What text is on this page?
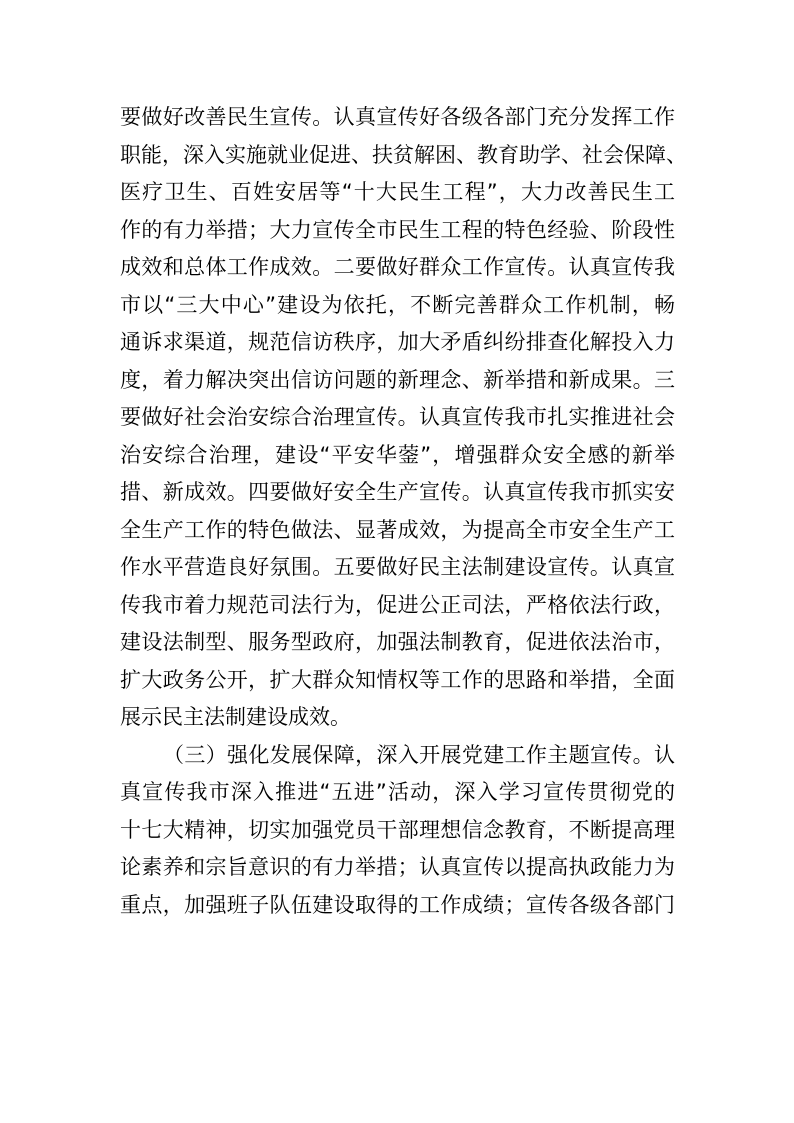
要做好改善民生宣传。认真宣传好各级各部门充分发挥工作
职能，深入实施就业促进、扶贫解困、教育助学、社会保障、
医疗卫生、百姓安居等“十大民生工程”，大力改善民生工
作的有力举措；大力宣传全市民生工程的特色经验、阶段性
成效和总体工作成效。二要做好群众工作宣传。认真宣传我
市以“三大中心”建设为依托，不断完善群众工作机制，畅
通诉求渠道，规范信访秩序，加大矛盾纠纷排查化解投入力
度，着力解决突出信访问题的新理念、新举措和新成果。三
要做好社会治安综合治理宣传。认真宣传我市扎实推进社会
治安综合治理，建设“平安华蓥”，增强群众安全感的新举
措、新成效。四要做好安全生产宣传。认真宣传我市抓实安
全生产工作的特色做法、显著成效，为提高全市安全生产工
作水平营造良好氛围。五要做好民主法制建设宣传。认真宣
传我市着力规范司法行为，促进公正司法，严格依法行政，
建设法制型、服务型政府，加强法制教育，促进依法治市，
扩大政务公开，扩大群众知情权等工作的思路和举措，全面
展示民主法制建设成效。
（三）强化发展保障，深入开展党建工作主题宣传。认
真宣传我市深入推进“五进”活动，深入学习宣传贯彻党的
十七大精神，切实加强党员干部理想信念教育，不断提高理
论素养和宗旨意识的有力举措；认真宣传以提高执政能力为
重点，加强班子队伍建设取得的工作成绩；宣传各级各部门
